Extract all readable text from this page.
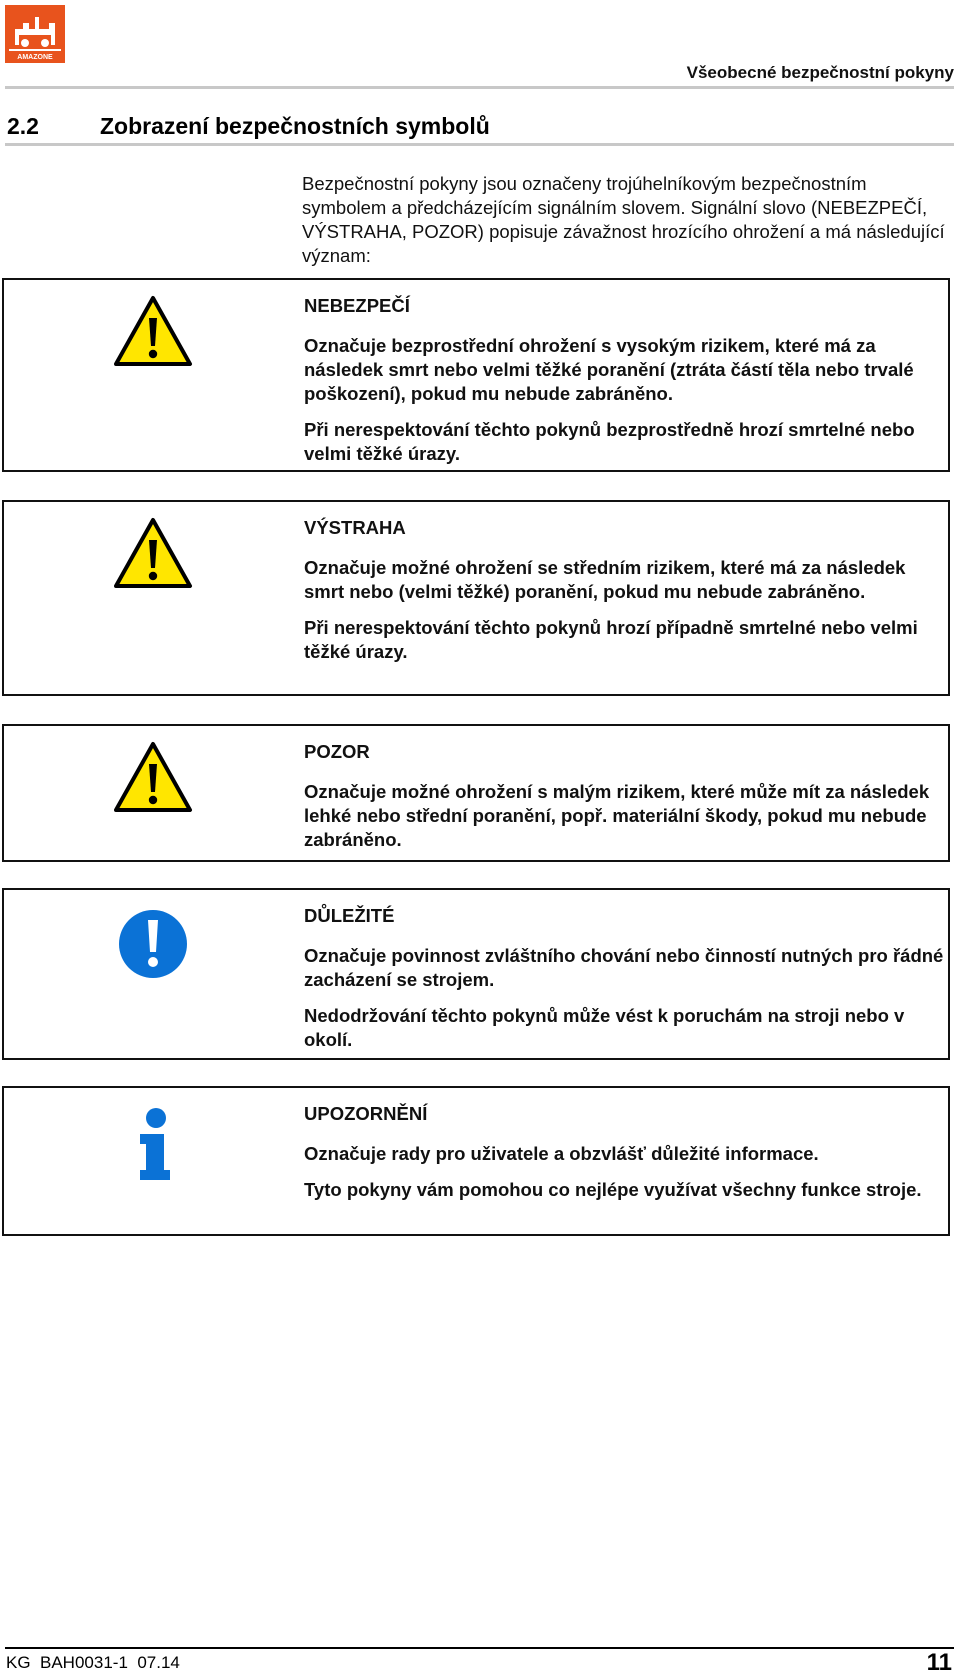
AMAZONE
Všeobecné bezpečnostní pokyny
2.2	Zobrazení bezpečnostních symbolů
Bezpečnostní pokyny jsou označeny trojúhelníkovým bezpečnostním symbolem a předcházejícím signálním slovem. Signální slovo (NEBEZPEČÍ, VÝSTRAHA, POZOR) popisuje závažnost hrozícího ohrožení a má následující význam:
NEBEZPEČÍ

Označuje bezprostřední ohrožení s vysokým rizikem, které má za následek smrt nebo velmi těžké poranění (ztráta částí těla nebo trvalé poškození), pokud mu nebude zabráněno.

Při nerespektování těchto pokynů bezprostředně hrozí smrtelné nebo velmi těžké úrazy.

VÝSTRAHA

Označuje možné ohrožení se středním rizikem, které má za následek smrt nebo (velmi těžké) poranění, pokud mu nebude zabráněno.

Při nerespektování těchto pokynů hrozí případně smrtelné nebo velmi těžké úrazy.

POZOR

Označuje možné ohrožení s malým rizikem, které může mít za následek lehké nebo střední poranění, popř. materiální škody, pokud mu nebude zabráněno.

DŮLEŽITÉ

Označuje povinnost zvláštního chování nebo činností nutných pro řádné zacházení se strojem.

Nedodržování těchto pokynů může vést k poruchám na stroji nebo v okolí.

UPOZORNĚNÍ

Označuje rady pro uživatele a obzvlášť důležité informace.

Tyto pokyny vám pomohou co nejlépe využívat všechny funkce stroje.

KG  BAH0031-1  07.14	11
